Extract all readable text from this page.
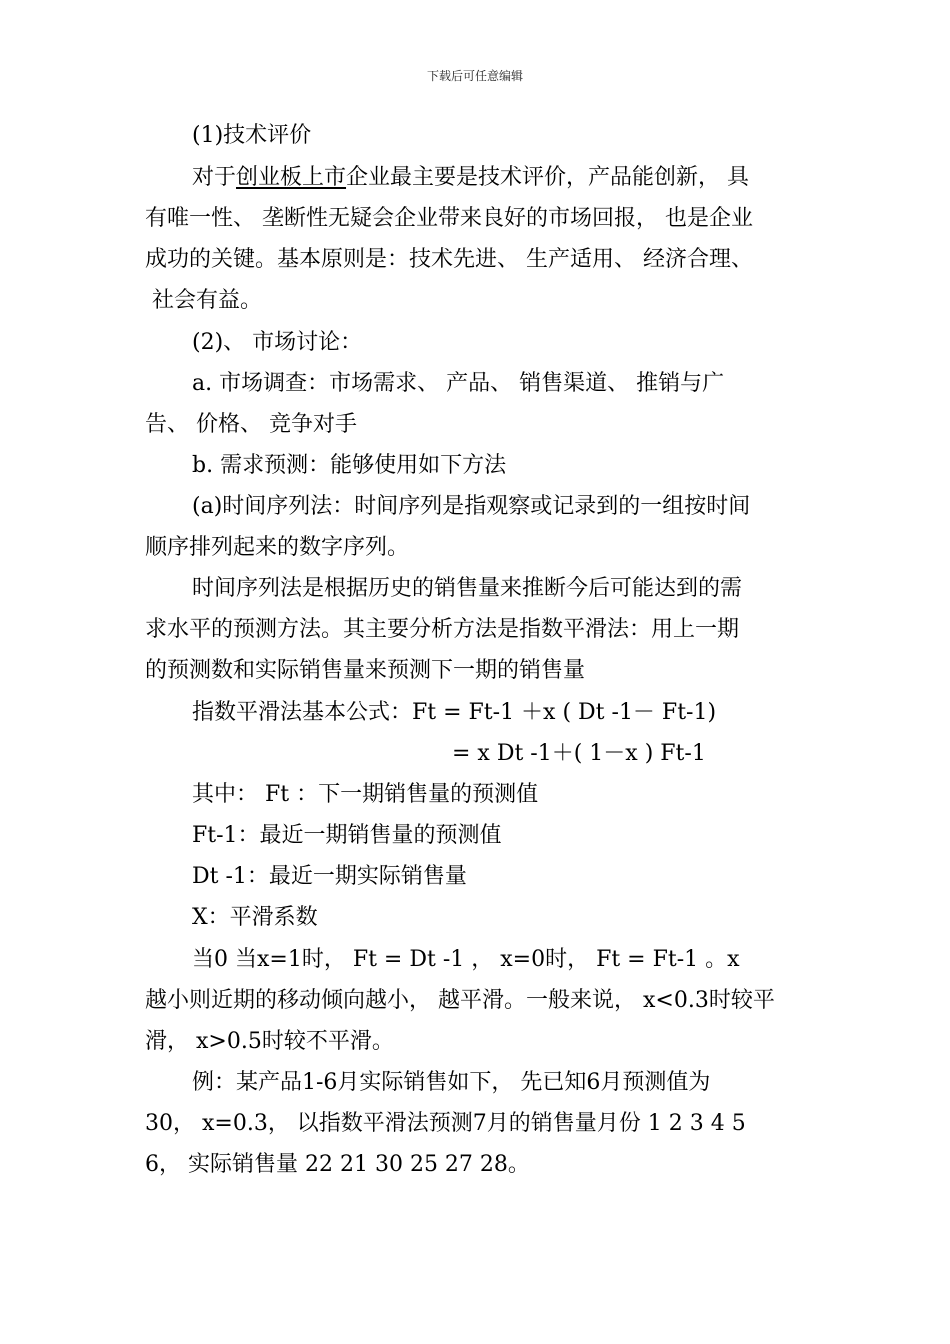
下载后可任意编辑
(1)技术评价
对于创业板上市企业最主要是技术评价，产品能创新， 具
有唯一性、 垄断性无疑会企业带来良好的市场回报， 也是企业
成功的关键。基本原则是：技术先进、 生产适用、 经济合理、
社会有益。
(2)、 市场讨论：
a. 市场调查：市场需求、 产品、 销售渠道、 推销与广
告、 价格、 竞争对手
b. 需求预测：能够使用如下方法
(a)时间序列法：时间序列是指观察或记录到的一组按时间
顺序排列起来的数字序列。
时间序列法是根据历史的销售量来推断今后可能达到的需
求水平的预测方法。其主要分析方法是指数平滑法：用上一期
的预测数和实际销售量来预测下一期的销售量
指数平滑法基本公式：Ft = Ft-1 ＋x ( Dt -1－ Ft-1)
= x Dt -1＋( 1－x ) Ft-1
其中： Ft ：下一期销售量的预测值
Ft-1：最近一期销售量的预测值
Dt -1：最近一期实际销售量
X：平滑系数
当0 当x=1时， Ft = Dt -1 ， x=0时， Ft = Ft-1 。x
越小则近期的移动倾向越小， 越平滑。一般来说， x<0.3时较平
滑， x>0.5时较不平滑。
例：某产品1-6月实际销售如下， 先已知6月预测值为
30， x=0.3， 以指数平滑法预测7月的销售量月份 1 2 3 4 5
6， 实际销售量 22 21 30 25 27 28。
